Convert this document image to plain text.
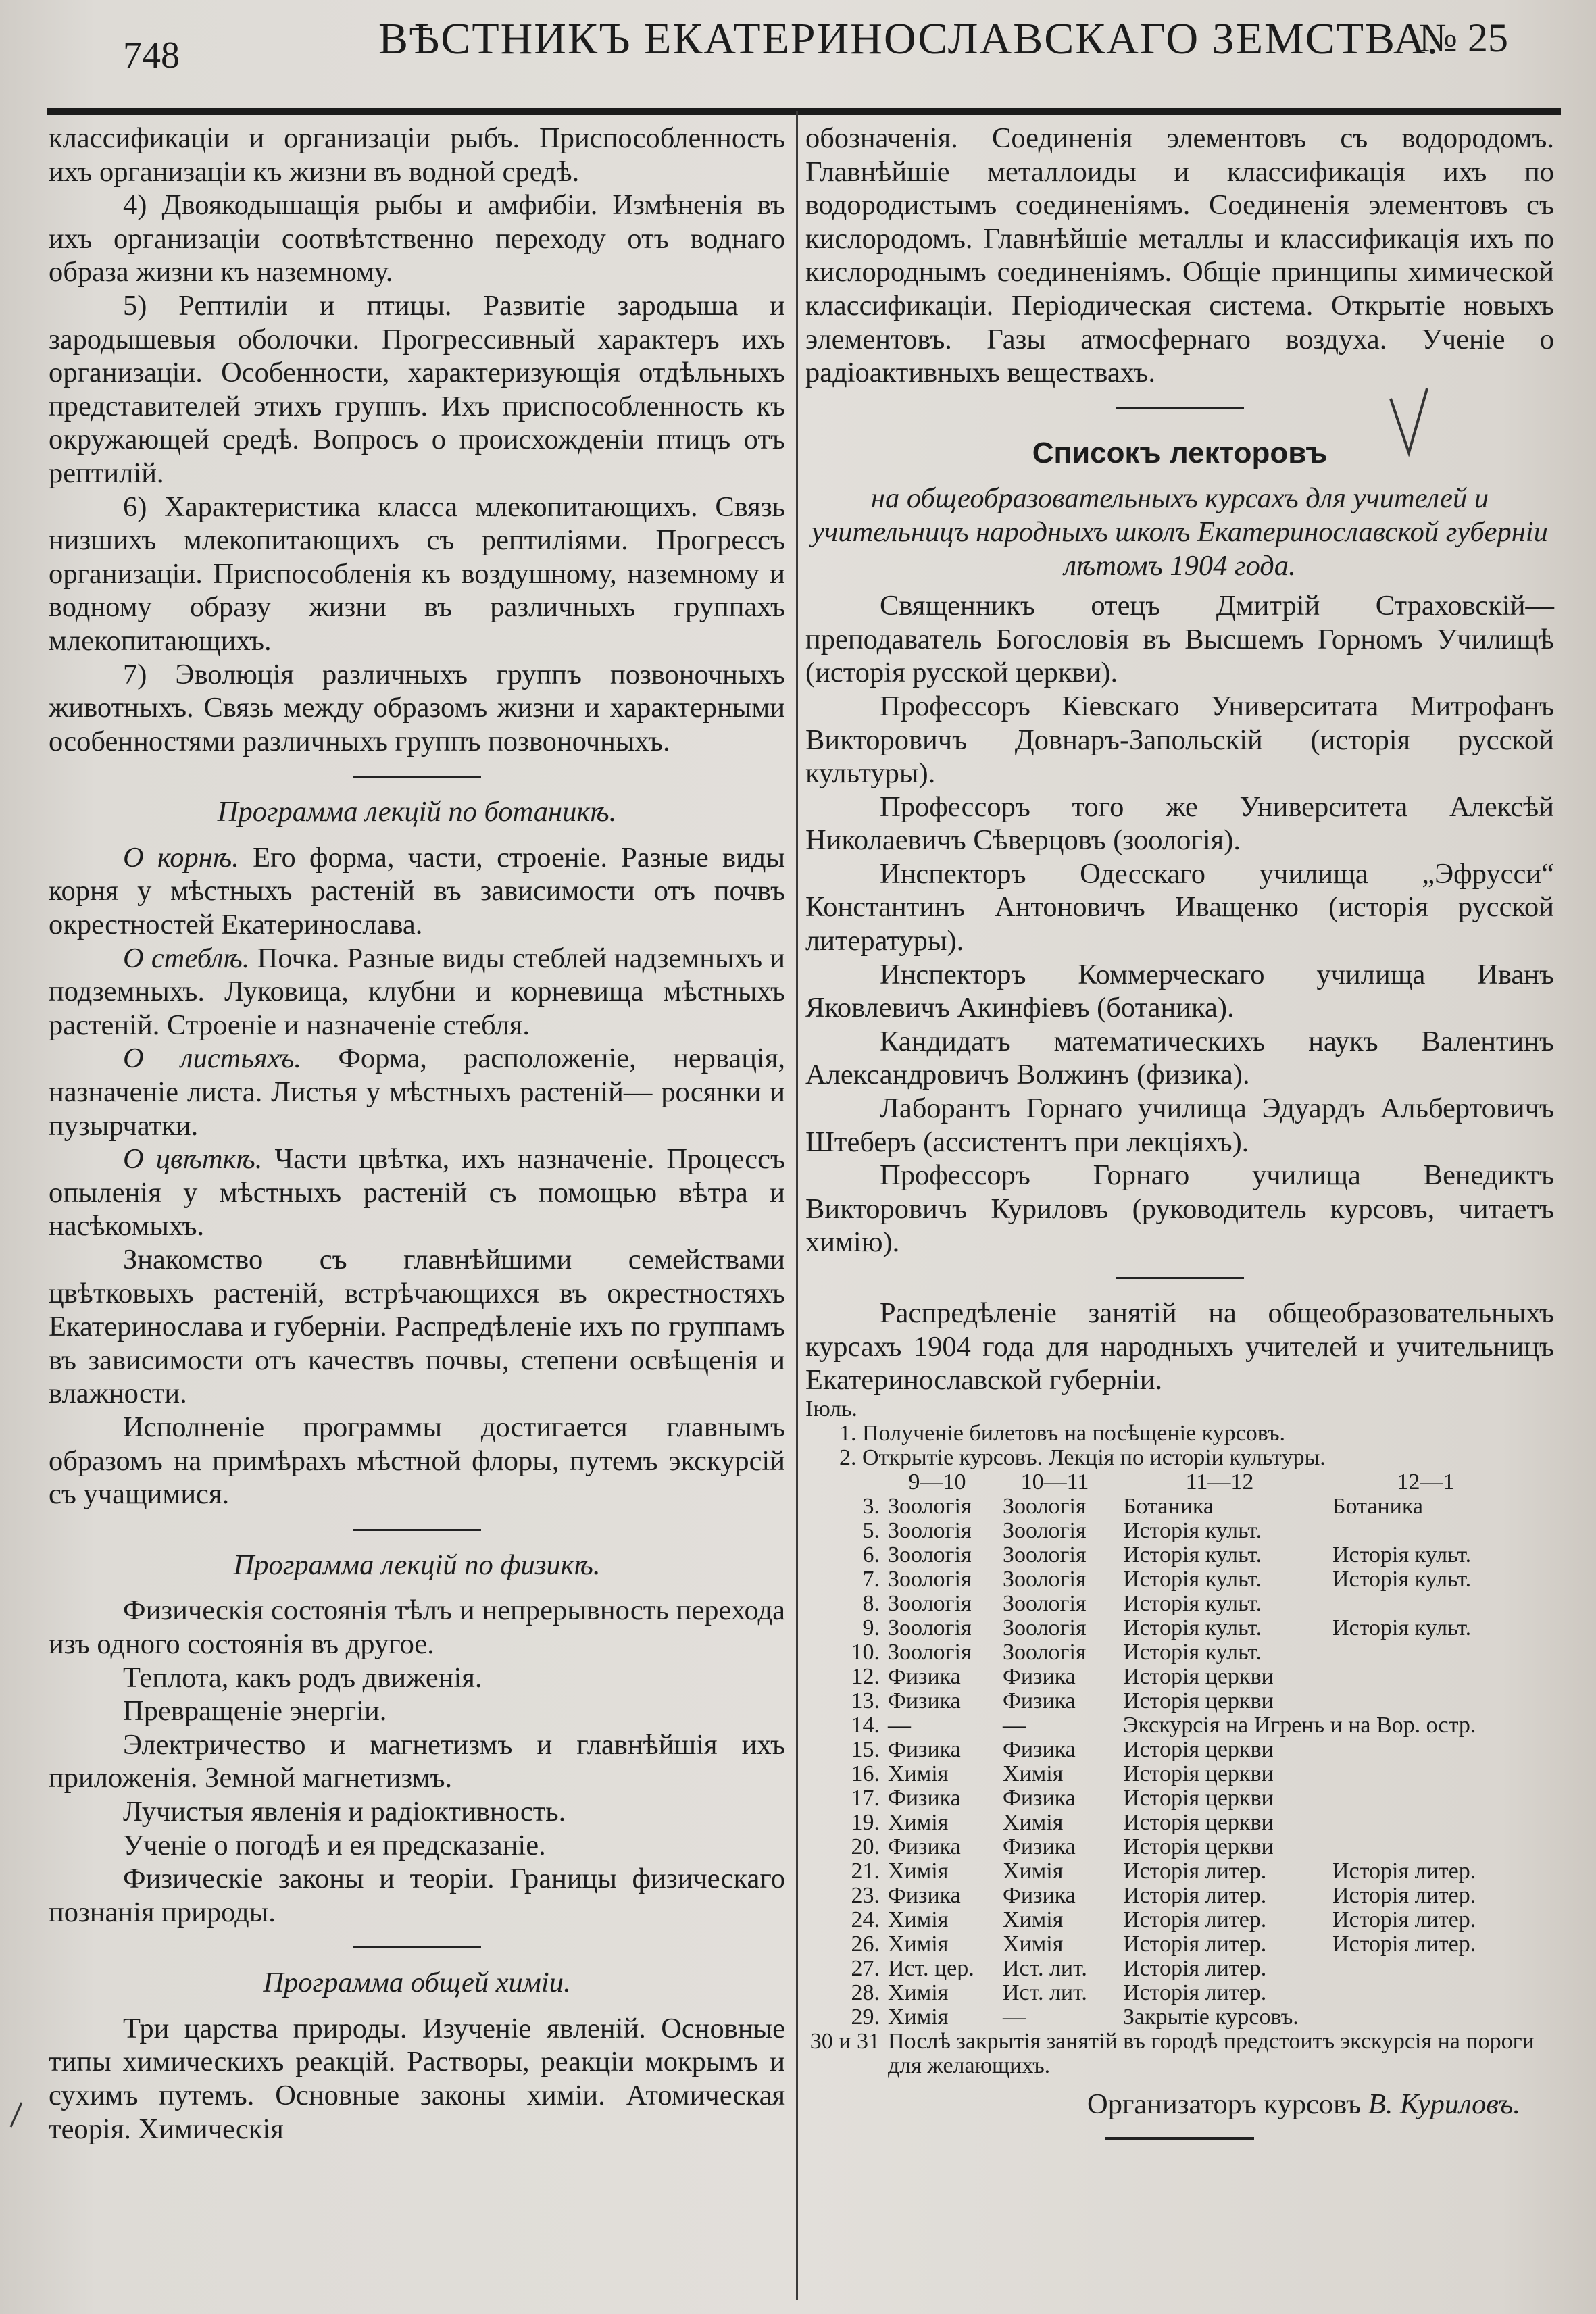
748	ВѢСТНИКЪ ЕКАТЕРИНОСЛАВСКАГО ЗЕМСТВА.
№ 25

классификаціи и организаціи рыбъ. Приспособленность ихъ организаціи къ жизни въ водной средѣ.

4) Двоякодышащія рыбы и амфибіи. Измѣненія въ ихъ организаціи соотвѣтственно переходу отъ воднаго образа жизни къ наземному.

5) Рептиліи и птицы. Развитіе зародыша и зародышевыя оболочки. Прогрессивный характеръ ихъ организаціи. Особенности, характеризующія отдѣльныхъ представителей этихъ группъ. Ихъ приспособленность къ окружающей средѣ. Вопросъ о происхожденіи птицъ отъ рептилій.

6) Характеристика класса млекопитающихъ. Связь низшихъ млекопитающихъ съ рептиліями. Прогрессъ организаціи. Приспособленія къ воздушному, наземному и водному образу жизни въ различныхъ группахъ млекопитающихъ.

7) Эволюція различныхъ группъ позвоночныхъ животныхъ. Связь между образомъ жизни и характерными особенностями различныхъ группъ позвоночныхъ.

Программа лекцій по ботаникѣ.

О корнѣ. Его форма, части, строеніе. Разные виды корня у мѣстныхъ растеній въ зависимости отъ почвъ окрестностей Екатеринослава.

О стеблѣ. Почка. Разные виды стеблей надземныхъ и подземныхъ. Луковица, клубни и корневища мѣстныхъ растеній. Строеніе и назначеніе стебля.

О листьяхъ. Форма, расположеніе, нервація, назначеніе листа. Листья у мѣстныхъ растеній— росянки и пузырчатки.

О цвѣткѣ. Части цвѣтка, ихъ назначеніе. Процессъ опыленія у мѣстныхъ растеній съ помощью вѣтра и насѣкомыхъ.

Знакомство съ главнѣйшими семействами цвѣтковыхъ растеній, встрѣчающихся въ окрестностяхъ Екатеринослава и губерніи. Распредѣленіе ихъ по группамъ въ зависимости отъ качествъ почвы, степени освѣщенія и влажности.

Исполненіе программы достигается главнымъ образомъ на примѣрахъ мѣстной флоры, путемъ экскурсій съ учащимися.

Программа лекцій по физикѣ.

Физическія состоянія тѣлъ и непрерывность перехода изъ одного состоянія въ другое.

Теплота, какъ родъ движенія.

Превращеніе энергіи.

Электричество и магнетизмъ и главнѣйшія ихъ приложенія. Земной магнетизмъ.

Лучистыя явленія и радіоктивность.

Ученіе о погодѣ и ея предсказаніе.

Физическіе законы и теоріи. Границы физическаго познанія природы.

Программа общей химіи.

Три царства природы. Изученіе явленій. Основные типы химическихъ реакцій. Растворы, реакціи мокрымъ и сухимъ путемъ. Основные законы химіи. Атомическая теорія. Химическія

обозначенія. Соединенія элементовъ съ водородомъ. Главнѣйшіе металлоиды и классификація ихъ по водородистымъ соединеніямъ. Соединенія элементовъ съ кислородомъ. Главнѣйшіе металлы и классификація ихъ по кислороднымъ соединеніямъ. Общіе принципы химической классификаціи. Періодическая система. Открытіе новыхъ элементовъ. Газы атмосфернаго воздуха. Ученіе о радіоактивныхъ веществахъ.

Списокъ лекторовъ
на общеобразовательныхъ курсахъ для учителей и учительницъ народныхъ школъ Екатеринославской губерніи лѣтомъ 1904 года.

Священникъ отецъ Дмитрій Страховскій— преподаватель Богословія въ Высшемъ Горномъ Училищѣ (исторія русской церкви).

Профессоръ Кіевскаго Университата Митрофанъ Викторовичъ Довнаръ-Запольскій (исторія русской культуры).

Профессоръ того же Университета Алексѣй Николаевичъ Сѣверцовъ (зоологія).

Инспекторъ Одесскаго училища „Эфрусси“ Константинъ Антоновичъ Иващенко (исторія русской литературы).

Инспекторъ Коммерческаго училища Иванъ Яковлевичъ Акинфіевъ (ботаника).

Кандидатъ математическихъ наукъ Валентинъ Александровичъ Волжинъ (физика).

Лаборантъ Горнаго училища Эдуардъ Альбертовичъ Штеберъ (ассистентъ при лекціяхъ).

Профессоръ Горнаго училища Венедиктъ Викторовичъ Куриловъ (руководитель курсовъ, читаетъ химію).

Распредѣленіе занятій на общеобразовательныхъ курсахъ 1904 года для народныхъ учителей и учительницъ Екатеринославской губерніи.

Іюль.
1. Полученіе билетовъ на посѣщеніе курсовъ.
2. Открытіе курсовъ. Лекція по исторіи культуры.
9—10	10—11	11—12	12—1
3. Зоологія	Зоологія	Ботаника	Ботаника
5. Зоологія	Зоологія	Исторія культ.
6. Зоологія	Зоологія	Исторія культ.	Исторія культ.
7. Зоологія	Зоологія	Исторія культ.	Исторія культ.
8. Зоологія	Зоологія	Исторія культ.
9. Зоологія	Зоологія	Исторія культ.	Исторія культ.
10. Зоологія	Зоологія	Исторія культ.
12. Физика	Физика	Исторія церкви
13. Физика	Физика	Исторія церкви
14. —	—	Экскурсія на Игрень и на Вор. остр.
15. Физика	Физика	Исторія церкви
16. Химія	Химія	Исторія церкви
17. Физика	Физика	Исторія церкви
19. Химія	Химія	Исторія церкви
20. Физика	Физика	Исторія церкви
21. Химія	Химія	Исторія литер.	Исторія литер.
23. Физика	Физика	Исторія литер.	Исторія литер.
24. Химія	Химія	Исторія литер.	Исторія литер.
26. Химія	Химія	Исторія литер.	Исторія литер.
27. Ист. цер.	Ист. лит.	Исторія литер.
28. Химія	Ист. лит.	Исторія литер.
29. Химія	—	Закрытіе курсовъ.
30 и 31 Послѣ закрытія занятій въ городѣ предстоитъ экскурсія на пороги для желающихъ.

Организаторъ курсовъ В. Куриловъ.
